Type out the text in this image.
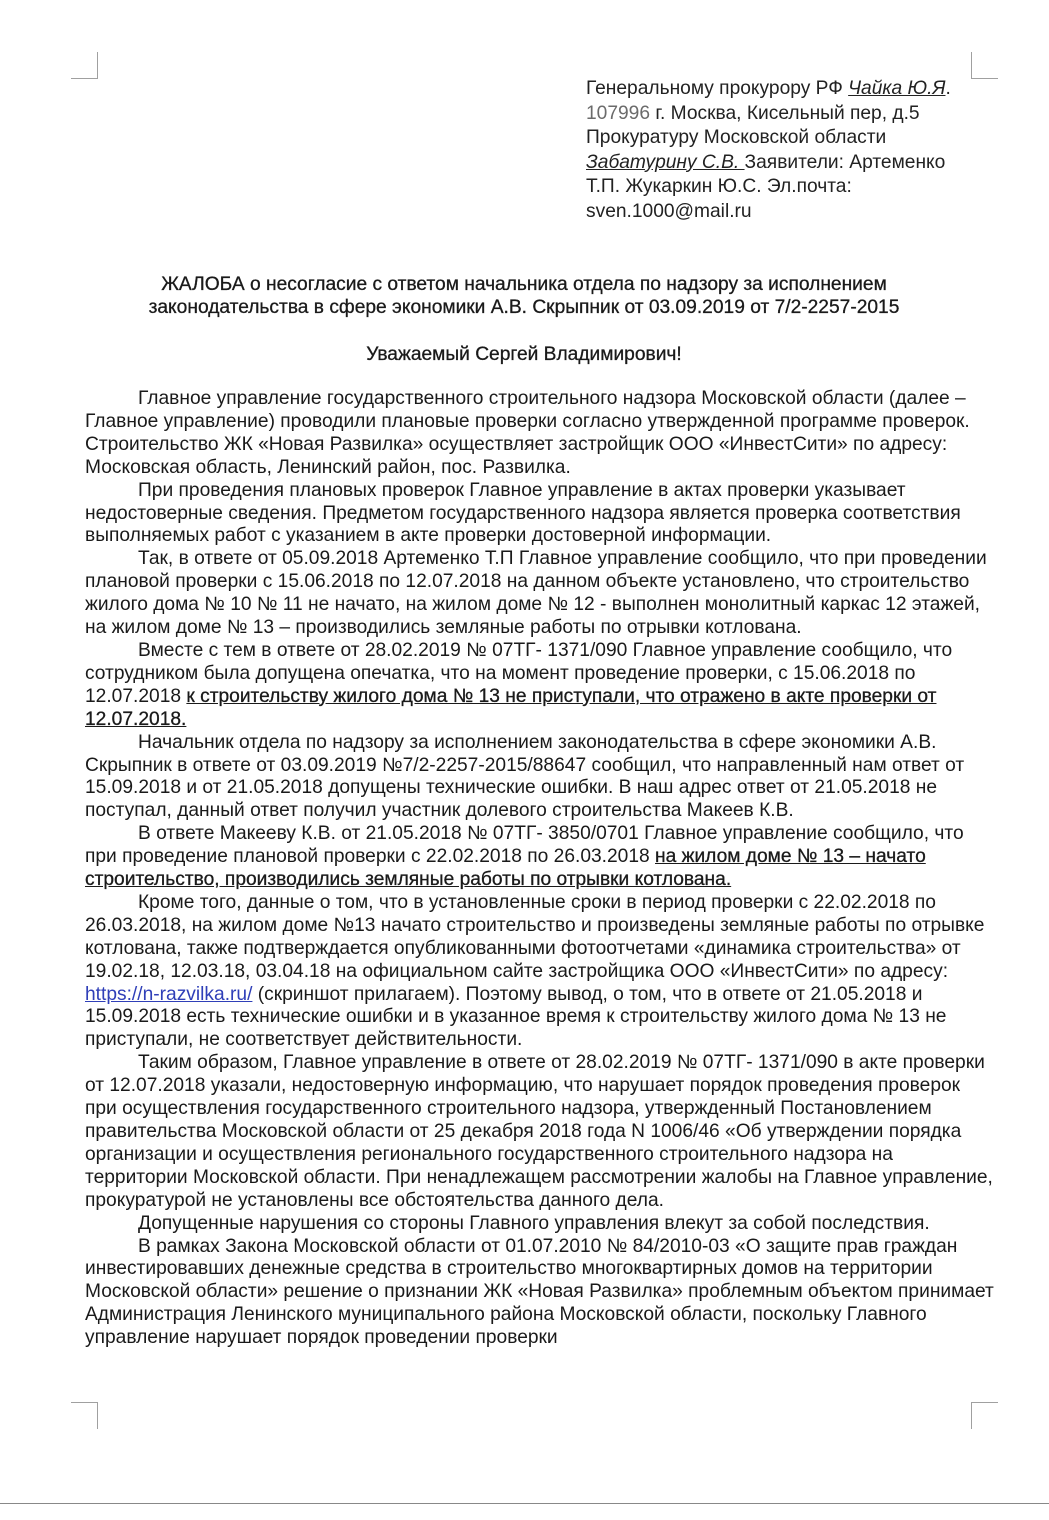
Генеральному прокурору РФ Чайка Ю.Я.
107996 г. Москва, Кисельный пер, д.5
Прокуратуру Московской области
Забатурину С.В. Заявители: Артеменко
Т.П. Жукаркин Ю.С. Эл.почта:
sven.1000@mail.ru
ЖАЛОБА о несогласие с ответом начальника отдела по надзору за исполнением законодательства в сфере экономики А.В. Скрыпник от 03.09.2019 от 7/2-2257-2015
Уважаемый Сергей Владимирович!

Главное управление государственного строительного надзора Московской области (далее – Главное управление) проводили плановые проверки согласно утвержденной программе проверок. Строительство ЖК «Новая Развилка» осуществляет застройщик ООО «ИнвестСити» по адресу: Московская область, Ленинский район, пос. Развилка.

При проведения плановых проверок Главное управление в актах проверки указывает недостоверные сведения. Предметом государственного надзора является проверка соответствия выполняемых работ с указанием в акте проверки достоверной информации.

Так, в ответе от 05.09.2018 Артеменко Т.П Главное управление сообщило, что при проведении плановой проверки с 15.06.2018 по 12.07.2018 на данном объекте установлено, что строительство жилого дома № 10 № 11 не начато, на жилом доме № 12 - выполнен монолитный каркас 12 этажей, на жилом доме № 13 – производились земляные работы по отрывки котлована.

Вместе с тем в ответе от 28.02.2019 № 07ТГ- 1371/090 Главное управление сообщило, что сотрудником была допущена опечатка, что на момент проведение проверки, с 15.06.2018 по 12.07.2018 к строительству жилого дома № 13 не приступали, что отражено в акте проверки от 12.07.2018.

Начальник отдела по надзору за исполнением законодательства в сфере экономики А.В. Скрыпник в ответе от 03.09.2019 №7/2-2257-2015/88647 сообщил, что направленный нам ответ от 15.09.2018 и от 21.05.2018 допущены технические ошибки. В наш адрес ответ от 21.05.2018 не поступал, данный ответ получил участник долевого строительства Макеев К.В.

В ответе Макееву К.В. от 21.05.2018 № 07ТГ- 3850/0701 Главное управление сообщило, что при проведение плановой проверки с 22.02.2018 по 26.03.2018 на жилом доме № 13 – начато строительство, производились земляные работы по отрывки котлована.

Кроме того, данные о том, что в установленные сроки в период проверки с 22.02.2018 по 26.03.2018, на жилом доме №13 начато строительство и произведены земляные работы по отрывке котлована, также подтверждается опубликованными фотоотчетами «динамика строительства» от 19.02.18, 12.03.18, 03.04.18 на официальном сайте застройщика ООО «ИнвестСити» по адресу: https://n-razvilka.ru/ (скриншот прилагаем). Поэтому вывод, о том, что в ответе от 21.05.2018 и 15.09.2018 есть технические ошибки и в указанное время к строительству жилого дома № 13 не приступали, не соответствует действительности.

Таким образом, Главное управление в ответе от 28.02.2019 № 07ТГ- 1371/090 в акте проверки от 12.07.2018 указали, недостоверную информацию, что нарушает порядок проведения проверок при осуществления государственного строительного надзора, утвержденный Постановлением правительства Московской области от 25 декабря 2018 года N 1006/46 «Об утверждении порядка организации и осуществления регионального государственного строительного надзора на территории Московской области. При ненадлежащем рассмотрении жалобы на Главное управление, прокуратурой не установлены все обстоятельства данного дела.

Допущенные нарушения со стороны Главного управления влекут за собой последствия.

В рамках Закона Московской области от 01.07.2010 № 84/2010-03 «О защите прав граждан инвестировавших денежные средства в строительство многоквартирных домов на территории Московской области» решение о признании ЖК «Новая Развилка» проблемным объектом принимает Администрация Ленинского муниципального района Московской области, поскольку Главного управление нарушает порядок проведении проверки
